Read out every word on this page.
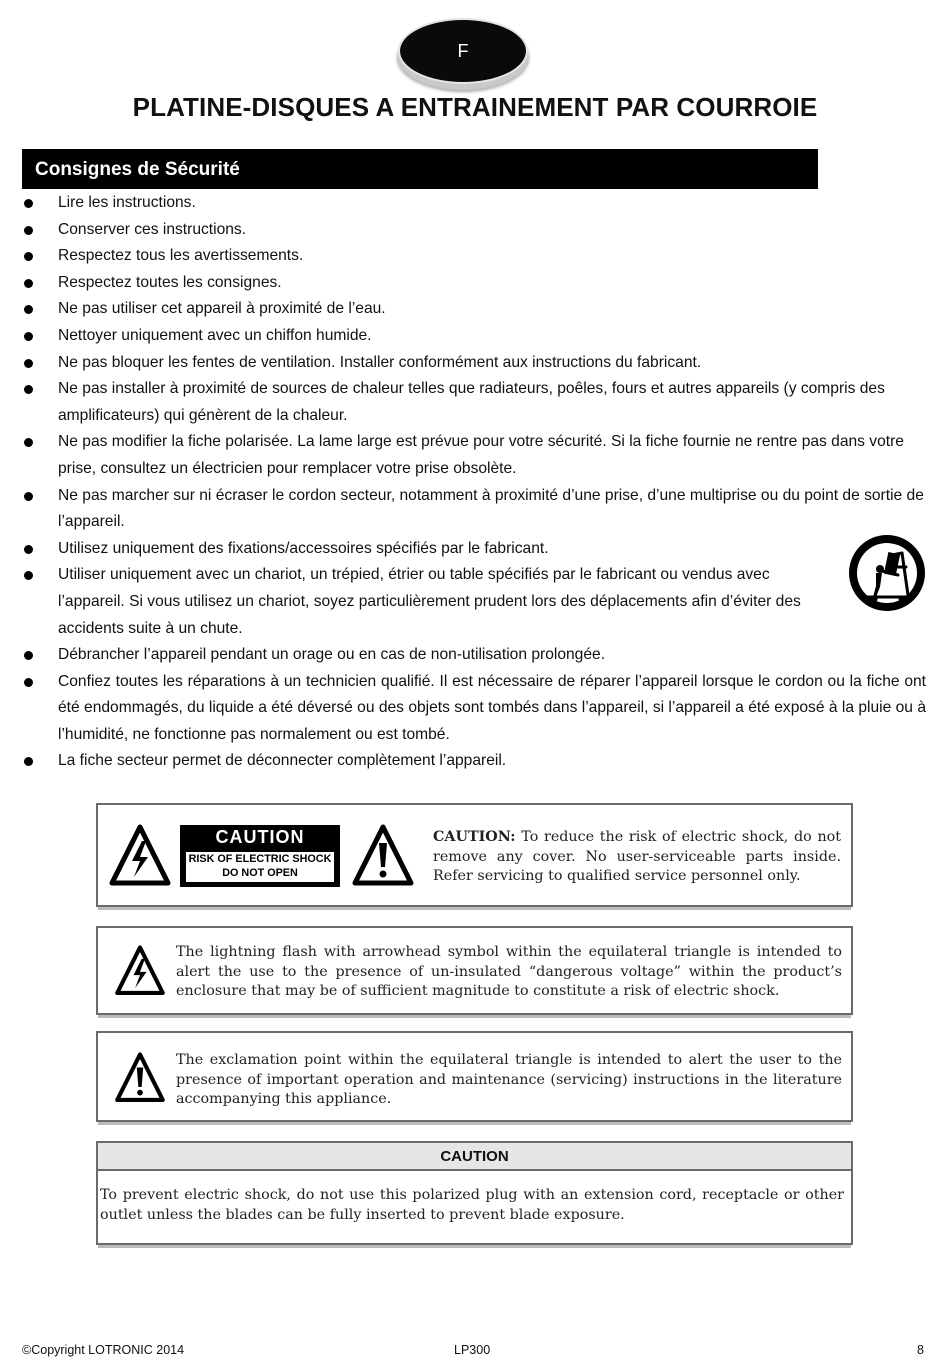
F
PLATINE-DISQUES A ENTRAINEMENT PAR COURROIE
Consignes de Sécurité
Lire les instructions.
Conserver ces instructions.
Respectez tous les avertissements.
Respectez toutes les consignes.
Ne pas utiliser cet appareil à proximité de l’eau.
Nettoyer uniquement avec un chiffon humide.
Ne pas bloquer les fentes de ventilation. Installer conformément aux instructions du fabricant.
Ne pas installer à proximité de sources de chaleur telles que radiateurs, poêles, fours et autres appareils (y compris des amplificateurs) qui génèrent de la chaleur.
Ne pas modifier la fiche polarisée. La lame large est prévue pour votre sécurité. Si la fiche fournie ne rentre pas dans votre prise, consultez un électricien pour remplacer votre prise obsolète.
Ne pas marcher sur ni écraser le cordon secteur, notamment à proximité d’une prise, d’une multiprise ou du point de sortie de l’appareil.
Utilisez uniquement des fixations/accessoires spécifiés par le fabricant.
Utiliser uniquement avec un chariot, un trépied, étrier ou table spécifiés par le fabricant ou vendus avec l’appareil. Si vous utilisez un chariot, soyez particulièrement prudent lors des déplacements afin d’éviter des accidents suite à un chute.
Débrancher l’appareil pendant un orage ou en cas de non-utilisation prolongée.
Confiez toutes les réparations à un technicien qualifié. Il est nécessaire de réparer l’appareil lorsque le cordon ou la fiche ont été endommagés, du liquide a été déversé ou des objets sont tombés dans l’appareil, si l’appareil a été exposé à la pluie ou à l’humidité, ne fonctionne pas normalement ou est tombé.
La fiche secteur permet de déconnecter complètement l’appareil.
CAUTION
RISK OF ELECTRIC SHOCK
DO NOT OPEN
CAUTION: To reduce the risk of electric shock, do not remove any cover. No user-serviceable parts inside. Refer servicing to qualified service personnel only.
The lightning flash with arrowhead symbol within the equilateral triangle is intended to alert the use to the presence of un-insulated “dangerous voltage” within the product’s enclosure that may be of sufficient magnitude to constitute a risk of electric shock.
The exclamation point within the equilateral triangle is intended to alert the user to the presence of important operation and maintenance (servicing) instructions in the literature accompanying this appliance.
CAUTION
To prevent electric shock, do not use this polarized plug with an extension cord, receptacle or other outlet unless the blades can be fully inserted to prevent blade exposure.
©Copyright LOTRONIC 2014	LP300	8
